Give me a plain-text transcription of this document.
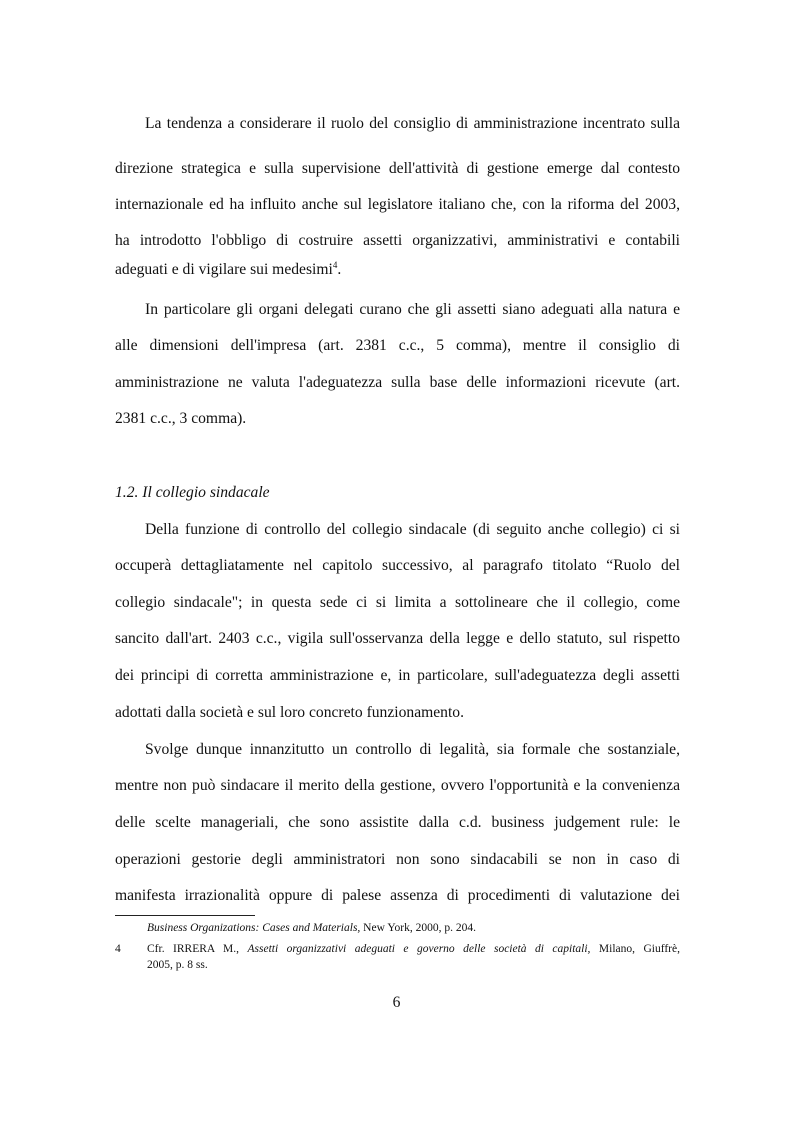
La tendenza a considerare il ruolo del consiglio di amministrazione incentrato sulla
direzione strategica e sulla supervisione dell'attività di gestione emerge dal contesto
internazionale ed ha influito anche sul legislatore italiano che, con la riforma del 2003,
ha introdotto l'obbligo di costruire assetti organizzativi, amministrativi e contabili
adeguati e di vigilare sui medesimi$^4$.
In particolare gli organi delegati curano che gli assetti siano adeguati alla natura e
alle dimensioni dell'impresa (art. 2381 c.c., 5 comma), mentre il consiglio di
amministrazione ne valuta l'adeguatezza sulla base delle informazioni ricevute (art.
2381 c.c., 3 comma).
1.2. Il collegio sindacale
Della funzione di controllo del collegio sindacale (di seguito anche collegio) ci si
occuperà dettagliatamente nel capitolo successivo, al paragrafo titolato “Ruolo del
collegio sindacale"; in questa sede ci si limita a sottolineare che il collegio, come
sancito dall'art. 2403 c.c., vigila sull'osservanza della legge e dello statuto, sul rispetto
dei principi di corretta amministrazione e, in particolare, sull'adeguatezza degli assetti
adottati dalla società e sul loro concreto funzionamento.
Svolge dunque innanzitutto un controllo di legalità, sia formale che sostanziale,
mentre non può sindacare il merito della gestione, ovvero l'opportunità e la convenienza
delle scelte manageriali, che sono assistite dalla c.d. business judgement rule: le
operazioni gestorie degli amministratori non sono sindacabili se non in caso di
manifesta irrazionalità oppure di palese assenza di procedimenti di valutazione dei
Business Organizations: Cases and Materials, New York, 2000, p. 204.
4 Cfr. IRRERA M., Assetti organizzativi adeguati e governo delle società di capitali, Milano, Giuffrè,
2005, p. 8 ss.
6
